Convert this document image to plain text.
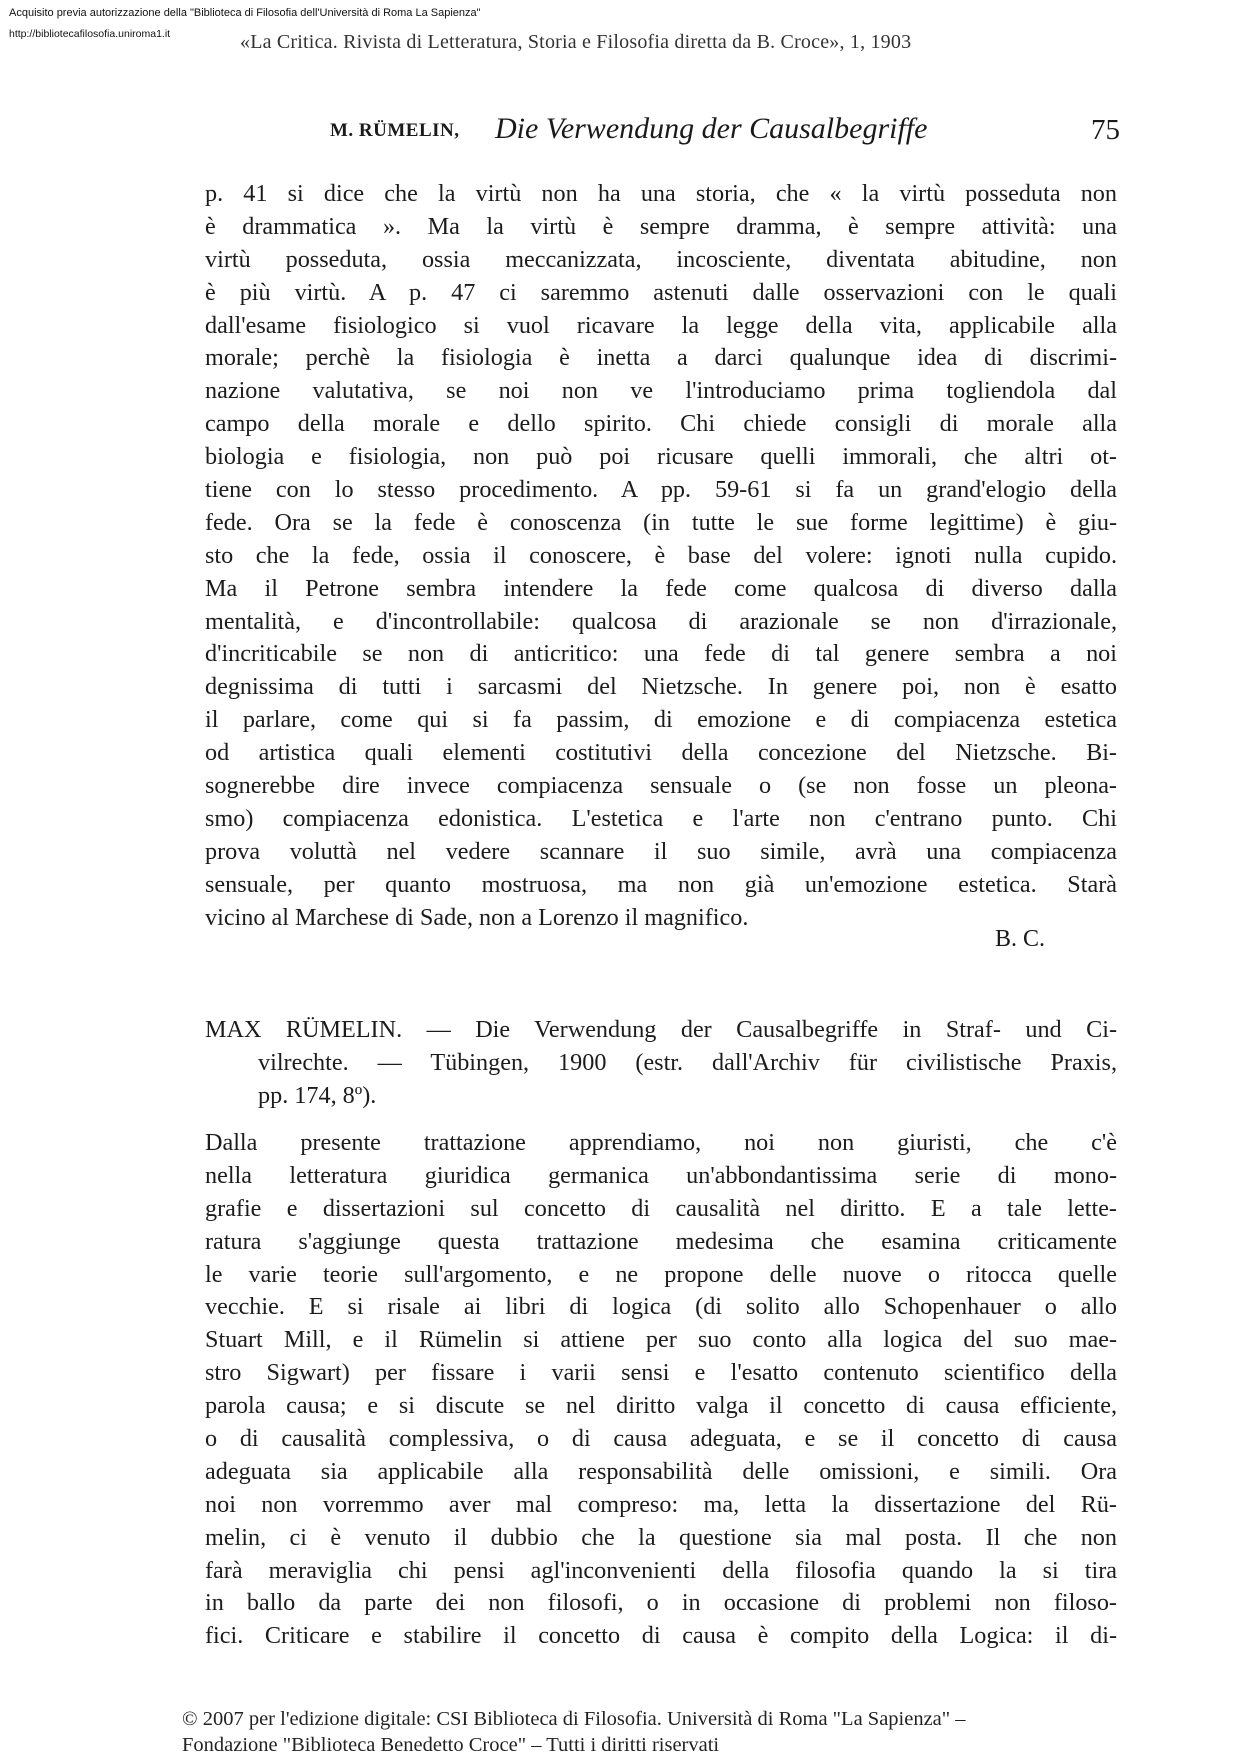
Acquisito previa autorizzazione della "Biblioteca di Filosofia dell'Università di Roma La Sapienza"
http://bibliotecafilosofia.uniroma1.it	«La Critica. Rivista di Letteratura, Storia e Filosofia diretta da B. Croce», 1, 1903
M. RÜMELIN, Die Verwendung der Causalbegriffe	75
p. 41 si dice che la virtù non ha una storia, che « la virtù posseduta non
è drammatica ». Ma la virtù è sempre dramma, è sempre attività: una
virtù posseduta, ossia meccanizzata, incosciente, diventata abitudine, non
è più virtù. A p. 47 ci saremmo astenuti dalle osservazioni con le quali
dall'esame fisiologico si vuol ricavare la legge della vita, applicabile alla
morale; perchè la fisiologia è inetta a darci qualunque idea di discrimi-
nazione valutativa, se noi non ve l'introduciamo prima togliendola dal
campo della morale e dello spirito. Chi chiede consigli di morale alla
biologia e fisiologia, non può poi ricusare quelli immorali, che altri ot-
tiene con lo stesso procedimento. A pp. 59-61 si fa un grand'elogio della
fede. Ora se la fede è conoscenza (in tutte le sue forme legittime) è giu-
sto che la fede, ossia il conoscere, è base del volere: ignoti nulla cupido.
Ma il Petrone sembra intendere la fede come qualcosa di diverso dalla
mentalità, e d'incontrollabile: qualcosa di arazionale se non d'irrazionale,
d'incriticabile se non di anticritico: una fede di tal genere sembra a noi
degnissima di tutti i sarcasmi del Nietzsche. In genere poi, non è esatto
il parlare, come qui si fa passim, di emozione e di compiacenza estetica
od artistica quali elementi costitutivi della concezione del Nietzsche. Bi-
sognerebbe dire invece compiacenza sensuale o (se non fosse un pleona-
smo) compiacenza edonistica. L'estetica e l'arte non c'entrano punto. Chi
prova voluttà nel vedere scannare il suo simile, avrà una compiacenza
sensuale, per quanto mostruosa, ma non già un'emozione estetica. Starà
vicino al Marchese di Sade, non a Lorenzo il magnifico.
B. C.
MAX RÜMELIN. — Die Verwendung der Causalbegriffe in Straf- und Ci-
vilrechte. — Tübingen, 1900 (estr. dall'Archiv für civilistische Praxis,
pp. 174, 8º).
Dalla presente trattazione apprendiamo, noi non giuristi, che c'è
nella letteratura giuridica germanica un'abbondantissima serie di mono-
grafie e dissertazioni sul concetto di causalità nel diritto. E a tale lette-
ratura s'aggiunge questa trattazione medesima che esamina criticamente
le varie teorie sull'argomento, e ne propone delle nuove o ritocca quelle
vecchie. E si risale ai libri di logica (di solito allo Schopenhauer o allo
Stuart Mill, e il Rümelin si attiene per suo conto alla logica del suo mae-
stro Sigwart) per fissare i varii sensi e l'esatto contenuto scientifico della
parola causa; e si discute se nel diritto valga il concetto di causa efficiente,
o di causalità complessiva, o di causa adeguata, e se il concetto di causa
adeguata sia applicabile alla responsabilità delle omissioni, e simili. Ora
noi non vorremmo aver mal compreso: ma, letta la dissertazione del Rü-
melin, ci è venuto il dubbio che la questione sia mal posta. Il che non
farà meraviglia chi pensi agl'inconvenienti della filosofia quando la si tira
in ballo da parte dei non filosofi, o in occasione di problemi non filoso-
fici. Criticare e stabilire il concetto di causa è compito della Logica: il di-
© 2007 per l'edizione digitale: CSI Biblioteca di Filosofia. Università di Roma "La Sapienza" –
Fondazione "Biblioteca Benedetto Croce" – Tutti i diritti riservati
